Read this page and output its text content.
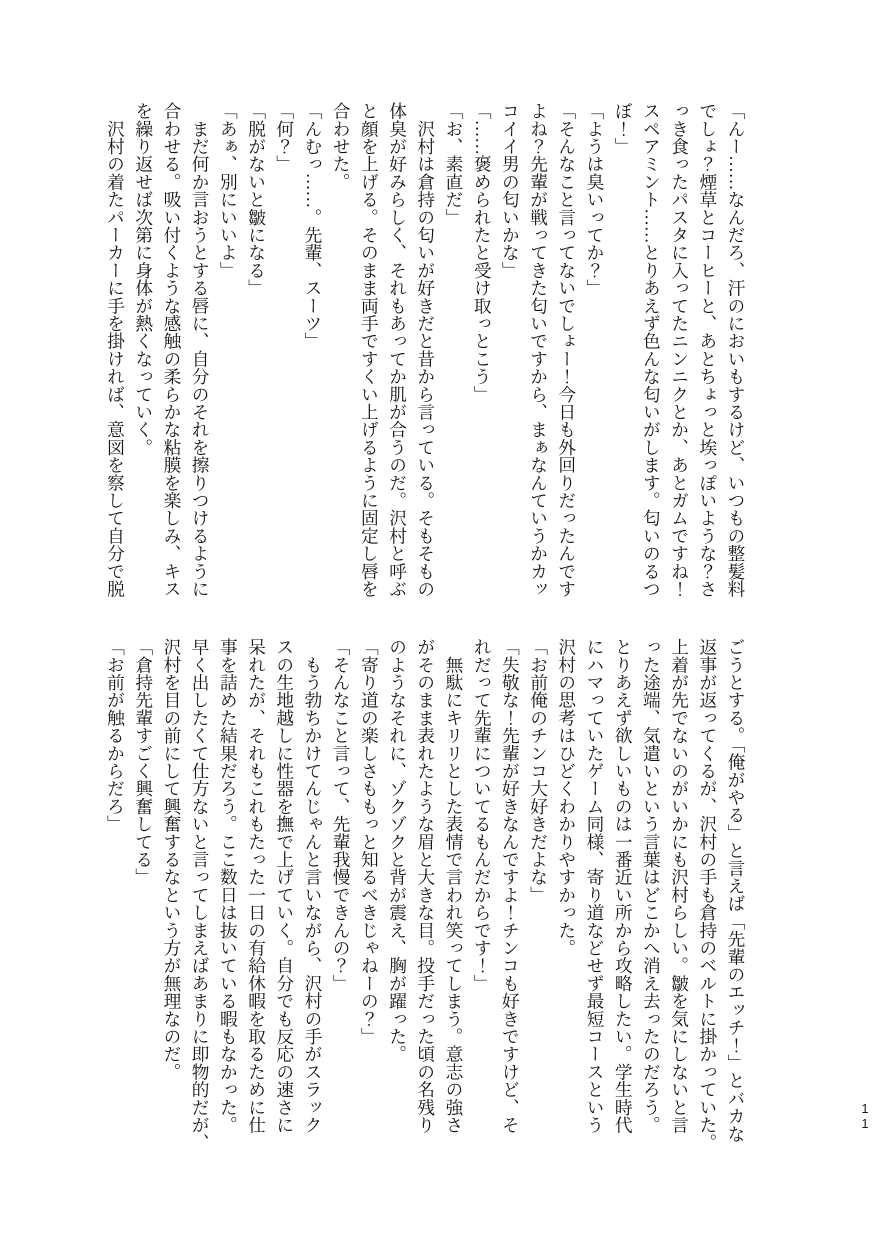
「んー……なんだろ、汗のにおいもするけど、いつもの整髪料
でしょ？煙草とコーヒーと、あとちょっと埃っぽいような？さ
っき食ったパスタに入ってたニンニクとか、あとガムですね！
スペアミント……とりあえず色んな匂いがします。匂いのるつ
ぼ！」
「ようは臭いってか？」
「そんなこと言ってないでしょー！今日も外回りだったんです
よね？先輩が戦ってきた匂いですから、まぁなんていうかカッ
コイイ男の匂いかな」
「……褒められたと受け取っとこう」
「お、素直だ」
　沢村は倉持の匂いが好きだと昔から言っている。そもそもの
体臭が好みらしく、それもあってか肌が合うのだ。沢村と呼ぶ
と顔を上げる。そのまま両手ですくい上げるように固定し唇を
合わせた。
「んむっ……。先輩、スーツ」
「何？」
「脱がないと皺になる」
「あぁ、別にいいよ」
　まだ何か言おうとする唇に、自分のそれを擦りつけるように
合わせる。吸い付くような感触の柔らかな粘膜を楽しみ、キス
を繰り返せば次第に身体が熱くなっていく。
　沢村の着たパーカーに手を掛ければ、意図を察して自分で脱
ごうとする。「俺がやる」と言えば「先輩のエッチ！」とバカな
返事が返ってくるが、沢村の手も倉持のベルトに掛かっていた。
上着が先でないのがいかにも沢村らしい。皺を気にしないと言
った途端、気遣いという言葉はどこかへ消え去ったのだろう。
とりあえず欲しいものは一番近い所から攻略したい。学生時代
にハマっていたゲーム同様、寄り道などせず最短コースという
沢村の思考はひどくわかりやすかった。
「お前俺のチンコ大好きだよな」
「失敬な！先輩が好きなんですよ！チンコも好きですけど、そ
れだって先輩についてるもんだからです！」
　無駄にキリリとした表情で言われ笑ってしまう。意志の強さ
がそのまま表れたような眉と大きな目。投手だった頃の名残り
のようなそれに、ゾクゾクと背が震え、胸が躍った。
「寄り道の楽しさももっと知るべきじゃねーの？」
「そんなこと言って、先輩我慢できんの？」
　もう勃ちかけてんじゃんと言いながら、沢村の手がスラック
スの生地越しに性器を撫で上げていく。自分でも反応の速さに
呆れたが、それもこれもたった一日の有給休暇を取るために仕
事を詰めた結果だろう。ここ数日は抜いている暇もなかった。
早く出したくて仕方ないと言ってしまえばあまりに即物的だが、
沢村を目の前にして興奮するなという方が無理なのだ。
「倉持先輩すごく興奮してる」
「お前が触るからだろ」
11
